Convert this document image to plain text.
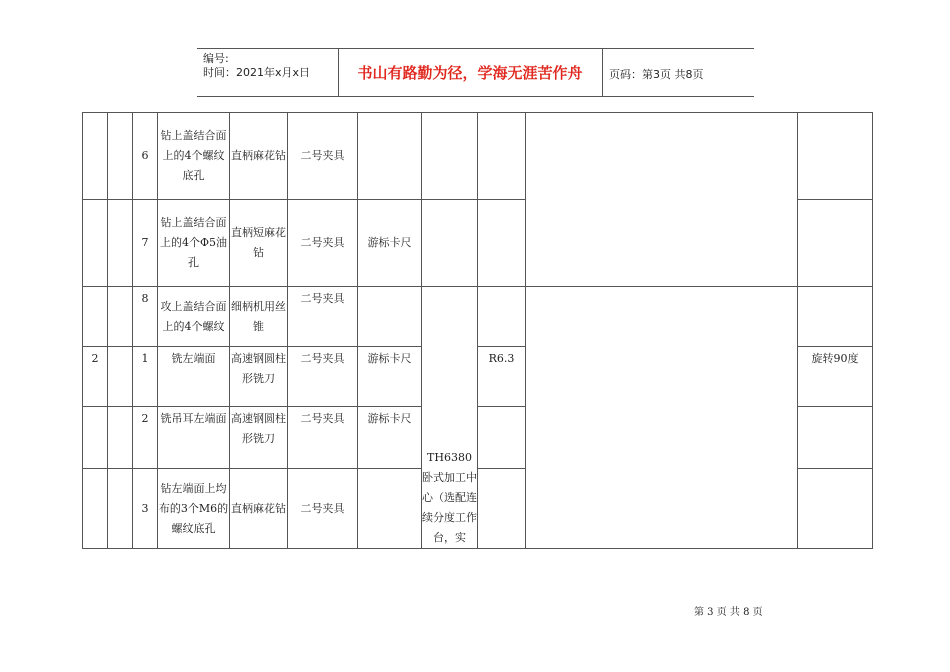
编号:
时间：2021年x月x日	书山有路勤为径，学海无涯苦作舟	页码：第3页 共8页
		6	钻上盖结合面上的4个螺纹底孔	直柄麻花钻	二号夹具					
		7	钻上盖结合面上的4个Φ5油孔	直柄短麻花钻	二号夹具	游标卡尺				
		8	攻上盖结合面上的4个螺纹	细柄机用丝锥	二号夹具		TH6380卧式加工中心（选配连续分度工作台，实			
2		1	铣左端面	高速钢圆柱形铣刀	二号夹具	游标卡尺		R6.3		旋转90度
		2	铣吊耳左端面	高速钢圆柱形铣刀	二号夹具	游标卡尺				
		3	钻左端面上均布的3个M6的螺纹底孔	直柄麻花钻	二号夹具					
第 3 页 共 8 页
